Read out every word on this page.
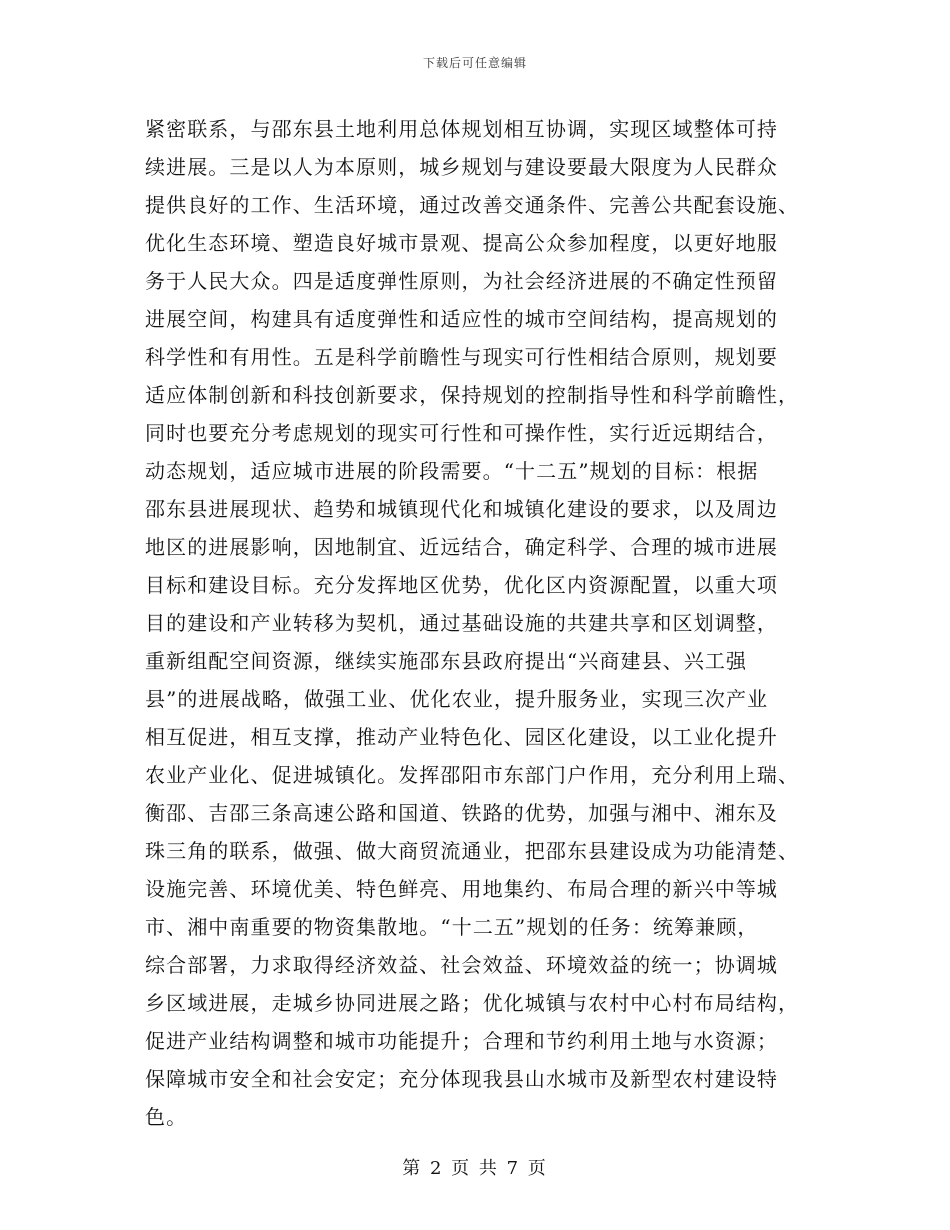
下载后可任意编辑
紧密联系，与邵东县土地利用总体规划相互协调，实现区域整体可持
续进展。三是以人为本原则，城乡规划与建设要最大限度为人民群众
提供良好的工作、生活环境，通过改善交通条件、完善公共配套设施、
优化生态环境、塑造良好城市景观、提高公众参加程度，以更好地服
务于人民大众。四是适度弹性原则，为社会经济进展的不确定性预留
进展空间，构建具有适度弹性和适应性的城市空间结构，提高规划的
科学性和有用性。五是科学前瞻性与现实可行性相结合原则，规划要
适应体制创新和科技创新要求，保持规划的控制指导性和科学前瞻性，
同时也要充分考虑规划的现实可行性和可操作性，实行近远期结合，
动态规划，适应城市进展的阶段需要。“十二五”规划的目标：根据
邵东县进展现状、趋势和城镇现代化和城镇化建设的要求，以及周边
地区的进展影响，因地制宜、近远结合，确定科学、合理的城市进展
目标和建设目标。充分发挥地区优势，优化区内资源配置，以重大项
目的建设和产业转移为契机，通过基础设施的共建共享和区划调整，
重新组配空间资源，继续实施邵东县政府提出“兴商建县、兴工强
县”的进展战略，做强工业、优化农业，提升服务业，实现三次产业
相互促进，相互支撑，推动产业特色化、园区化建设，以工业化提升
农业产业化、促进城镇化。发挥邵阳市东部门户作用，充分利用上瑞、
衡邵、吉邵三条高速公路和国道、铁路的优势，加强与湘中、湘东及
珠三角的联系，做强、做大商贸流通业，把邵东县建设成为功能清楚、
设施完善、环境优美、特色鲜亮、用地集约、布局合理的新兴中等城
市、湘中南重要的物资集散地。“十二五”规划的任务：统筹兼顾，
综合部署，力求取得经济效益、社会效益、环境效益的统一；协调城
乡区域进展，走城乡协同进展之路；优化城镇与农村中心村布局结构，
促进产业结构调整和城市功能提升；合理和节约利用土地与水资源；
保障城市安全和社会安定；充分体现我县山水城市及新型农村建设特
色。
第 2 页 共 7 页
